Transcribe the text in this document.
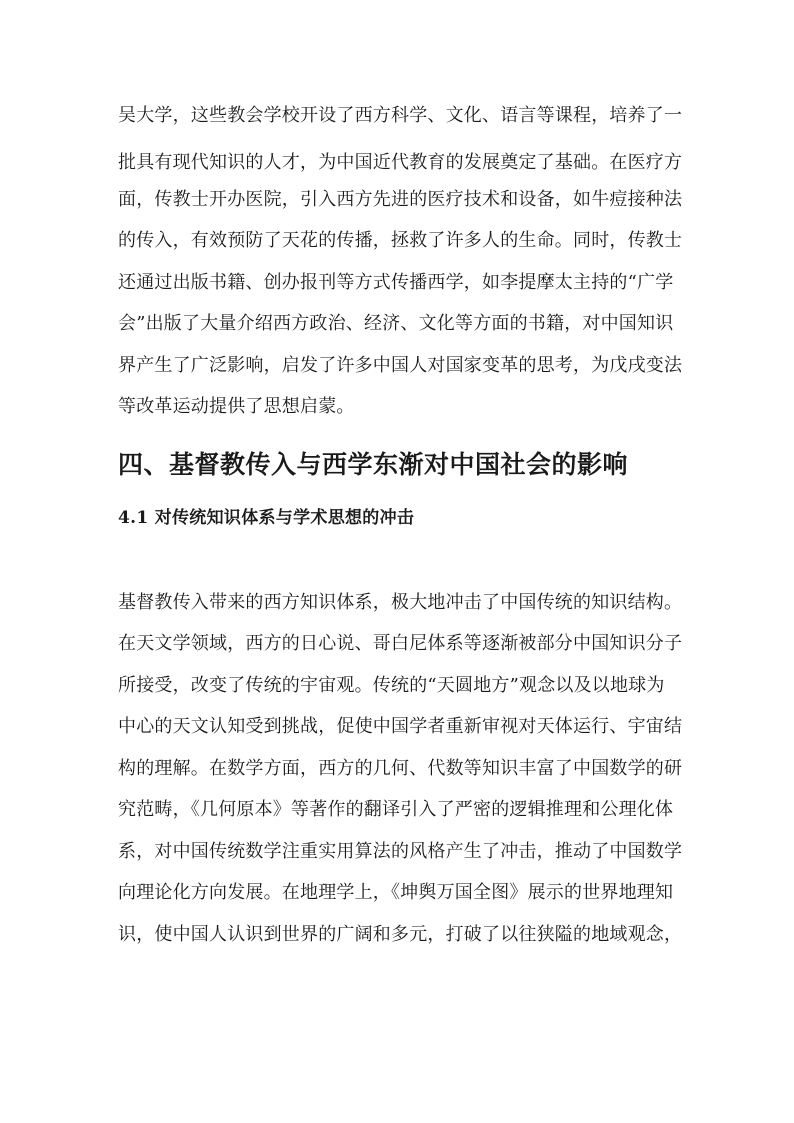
吴大学，这些教会学校开设了西方科学、文化、语言等课程，培养了一
批具有现代知识的人才，为中国近代教育的发展奠定了基础。在医疗方
面，传教士开办医院，引入西方先进的医疗技术和设备，如牛痘接种法
的传入，有效预防了天花的传播，拯救了许多人的生命。同时，传教士
还通过出版书籍、创办报刊等方式传播西学，如李提摩太主持的“广学
会”出版了大量介绍西方政治、经济、文化等方面的书籍，对中国知识
界产生了广泛影响，启发了许多中国人对国家变革的思考，为戊戌变法
等改革运动提供了思想启蒙。
四、基督教传入与西学东渐对中国社会的影响
4.1 对传统知识体系与学术思想的冲击
基督教传入带来的西方知识体系，极大地冲击了中国传统的知识结构。
在天文学领域，西方的日心说、哥白尼体系等逐渐被部分中国知识分子
所接受，改变了传统的宇宙观。传统的“天圆地方”观念以及以地球为
中心的天文认知受到挑战，促使中国学者重新审视对天体运行、宇宙结
构的理解。在数学方面，西方的几何、代数等知识丰富了中国数学的研
究范畴，《几何原本》等著作的翻译引入了严密的逻辑推理和公理化体
系，对中国传统数学注重实用算法的风格产生了冲击，推动了中国数学
向理论化方向发展。在地理学上，《坤舆万国全图》展示的世界地理知
识，使中国人认识到世界的广阔和多元，打破了以往狭隘的地域观念，
